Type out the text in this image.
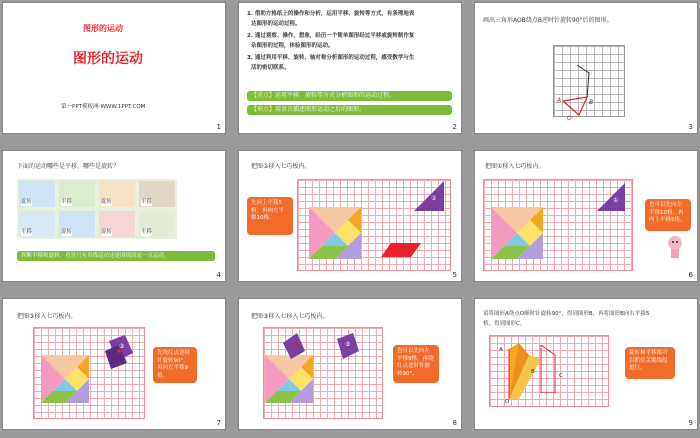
图形的运动
图形的运动
第一PPT模板网-WWW.1PPT.COM
1
1. 借助方格纸上的操作和分析，运用平移、旋转等方式，有条理地表
达图形的运动过程。
2. 通过观察、操作、想象，经历一个简单图形经过平移或旋转制作复
杂图形的过程，体验图形的运动。
3. 通过利用平移、旋转、轴对称分析图形的运动过程，感受数学与生
活的密切联系。
【重点】运用平移、旋转等方式分析图形的运动过程。
【难点】用语言描述图形运动之后的图形。
2
画出三角形AOB绕点B逆时针旋转90°后的图形。
A	B
O
3
下面的运动哪些是平移，哪些是旋转？
旋转	平移	旋转	平移
平移	旋转	旋转	平移
判断平移和旋转，看是只有直线运动还是围绕固定一点运动。
4
把图②移入七巧板内。
②
先向上平移5格，再向左平移10格。
5
把图①移入七巧板内。
①
也可以先向左平移10格，再向上平移5格。
6
把图③移入七巧板内。
③
先绕红点逆时针旋转90°，再向左平移9格。
7
把图③移入七移入七巧板内。
③
也可以先向左平移9格，再绕红点逆时针旋转90°。
8
请将图形A绕点O顺时针旋转90°，得到图形B，再将图形B向右平移5
格，得到图形C。
A
B
C
O
旋转和平移都可以抓住关键线段进行。
9
